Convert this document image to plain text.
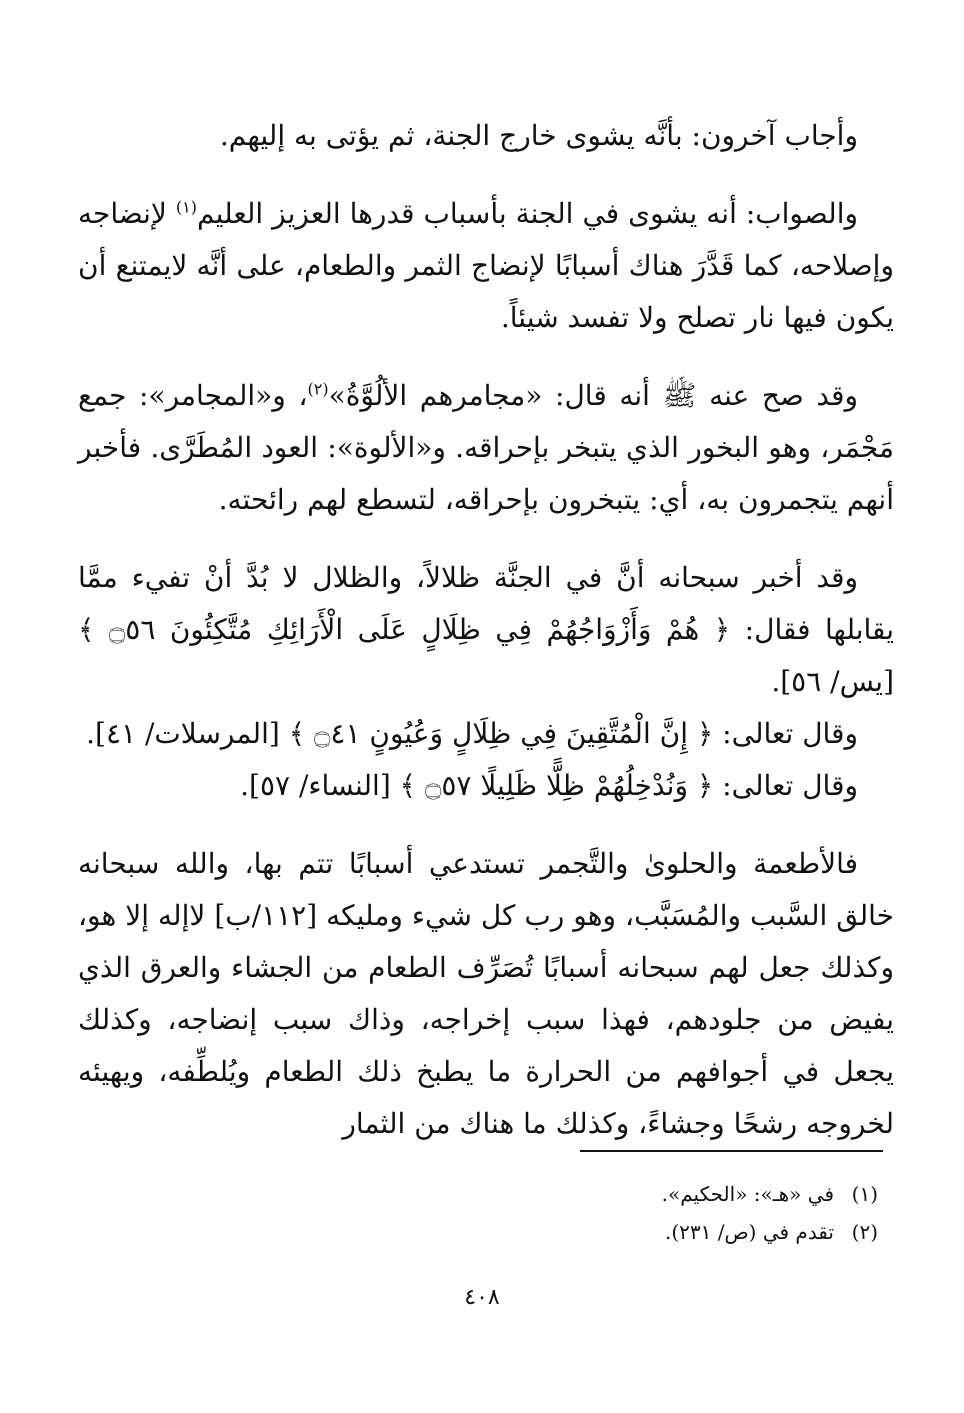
وأجاب آخرون: بأنَّه يشوى خارج الجنة، ثم يؤتى به إليهم.

والصواب: أنه يشوى في الجنة بأسباب قدرها العزيز العليم$^{(١)}$ لإنضاجه وإصلاحه، كما قَدَّرَ هناك أسبابًا لإنضاج الثمر والطعام، على أنَّه لايمتنع أن يكون فيها نار تصلح ولا تفسد شيئاً.

وقد صح عنه ﷺ أنه قال: «مجامرهم الألُوَّةُ»$^{(٢)}$، و«المجامر»: جمع مَجْمَر، وهو البخور الذي يتبخر بإحراقه. و«الألوة»: العود المُطَرَّى. فأخبر أنهم يتجمرون به، أي: يتبخرون بإحراقه، لتسطع لهم رائحته.

وقد أخبر سبحانه أنَّ في الجنَّة ظلالاً، والظلال لا بُدَّ أنْ تفيء ممَّا يقابلها فقال: ﴿ هُمْ وَأَزْوَاجُهُمْ فِي ظِلَالٍ عَلَى الْأَرَائِكِ مُتَّكِئُونَ ۝٥٦ ﴾ [يس/ ٥٦].

وقال تعالى: ﴿ إِنَّ الْمُتَّقِينَ فِي ظِلَالٍ وَعُيُونٍ ۝٤١ ﴾ [المرسلات/ ٤١].

وقال تعالى: ﴿ وَنُدْخِلُهُمْ ظِلًّا ظَلِيلًا ۝٥٧ ﴾ [النساء/ ٥٧].

فالأطعمة والحلوىٰ والتَّجمر تستدعي أسبابًا تتم بها، والله سبحانه خالق السَّبب والمُسَبَّب، وهو رب كل شيء ومليكه [١١٢/ب] لاإله إلا هو، وكذلك جعل لهم سبحانه أسبابًا تُصَرِّف الطعام من الجشاء والعرق الذي يفيض من جلودهم، فهذا سبب إخراجه، وذاك سبب إنضاجه، وكذلك يجعل في أجوافهم من الحرارة ما يطبخ ذلك الطعام ويُلطِّفه، ويهيئه لخروجه رشحًا وجشاءً، وكذلك ما هناك من الثمار

(١)في «هـ»: «الحكيم».

(٢)تقدم في (ص/ ٢٣١).

٤٠٨
